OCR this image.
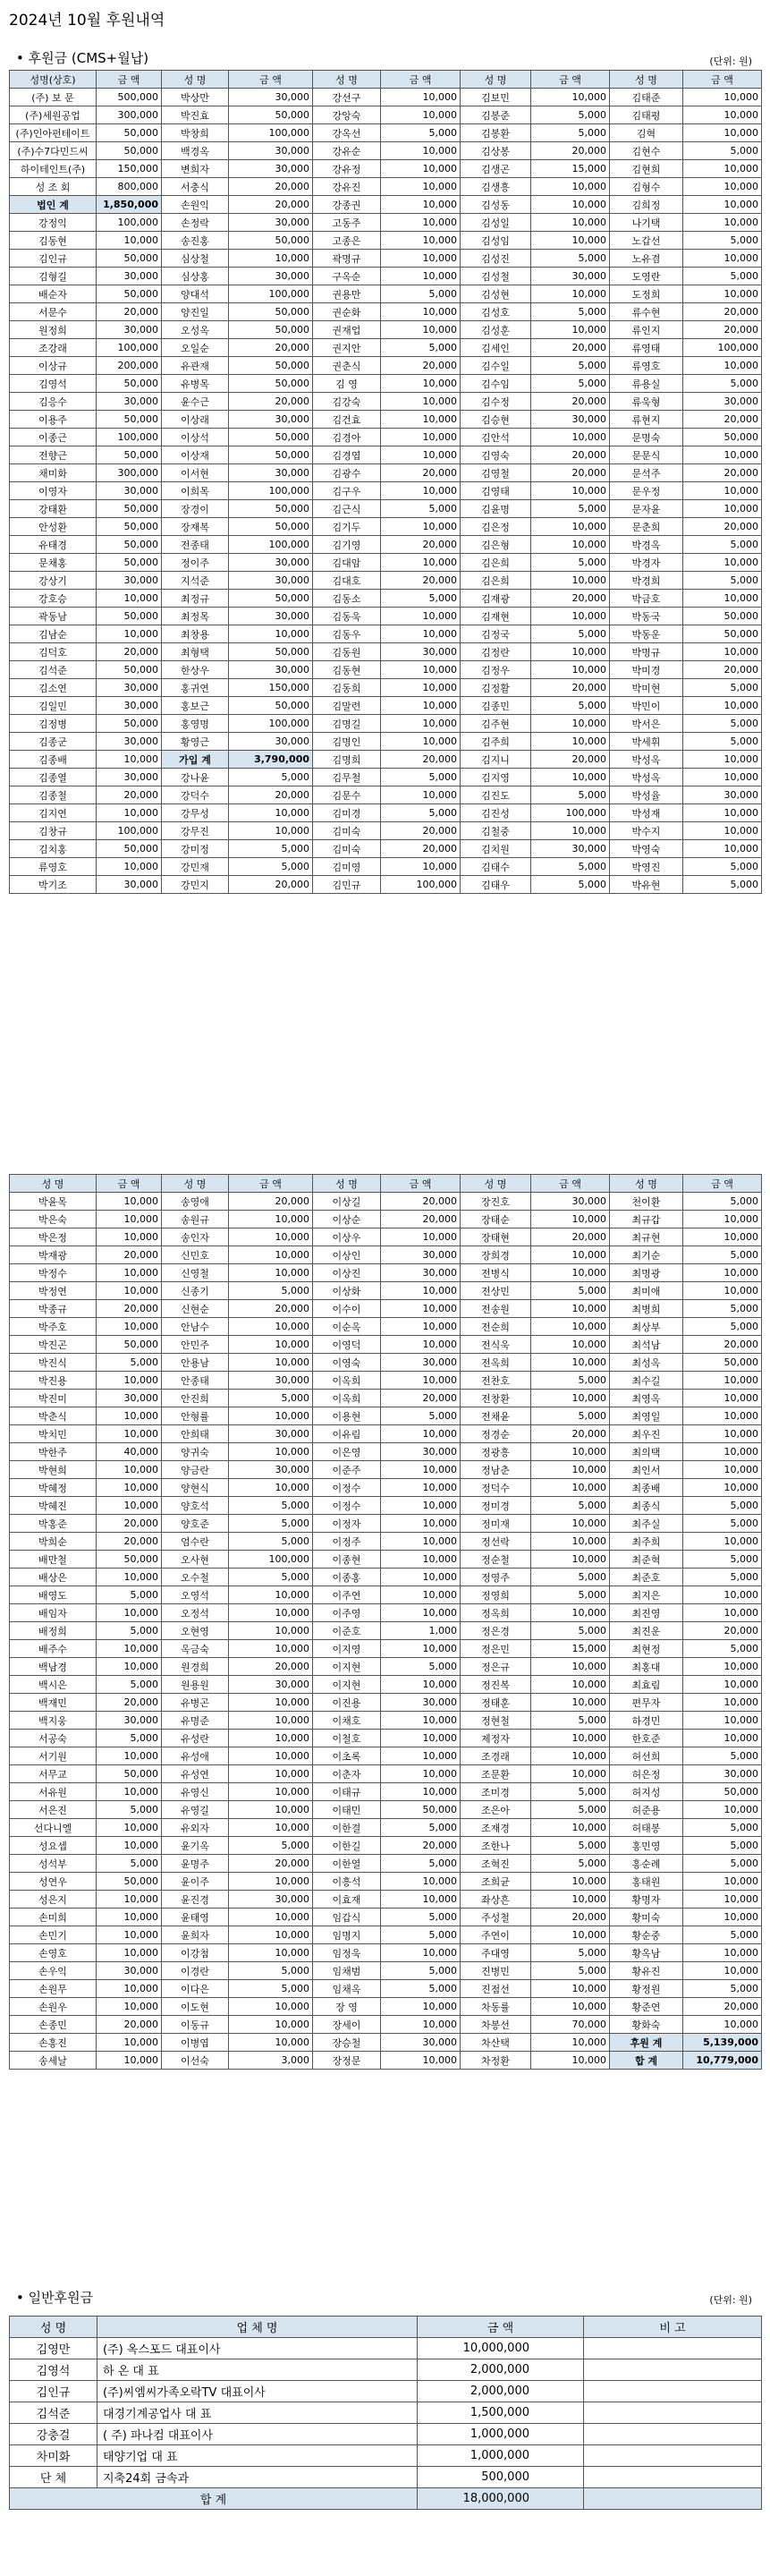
2024년 10월 후원내역
• 후원금 (CMS+월납)	(단위: 원)
성명(상호)	금 액	성 명	금 액	성 명	금 액	성 명	금 액	성 명	금 액
(주) 보 문	500,000	박상만	30,000	강선구	10,000	김보민	10,000	김태준	10,000
(주)세원공업	300,000	박진효	50,000	강앙숙	10,000	김봉준	5,000	김태평	10,000
(주)인아펀테이트	50,000	박창희	100,000	강옥선	5,000	김봉환	5,000	김혁	10,000
(주)수7다민드씨	50,000	백경옥	30,000	강유순	10,000	김상봉	20,000	김현수	5,000
하이테인트(주)	150,000	변희자	30,000	강유정	10,000	김생곤	15,000	김현희	10,000
성 조 회	800,000	서충식	20,000	강유진	10,000	김생흥	10,000	김형수	10,000
법인 계	1,850,000	손원익	20,000	강종권	10,000	김성동	10,000	김희정	10,000
강정익	100,000	손정락	30,000	고동주	10,000	김성일	10,000	나기택	10,000
김동현	10,000	송진홍	50,000	고종은	10,000	김성임	10,000	노갑선	5,000
김인규	50,000	심상철	10,000	곽명규	10,000	김성진	5,000	노유겸	10,000
김형길	30,000	심상홍	30,000	구옥순	10,000	김성철	30,000	도영란	5,000
배순자	50,000	양대석	100,000	권용만	5,000	김성현	10,000	도정희	10,000
서문수	20,000	양진일	50,000	권순화	10,000	김성호	5,000	류수현	20,000
원정희	30,000	오성옥	50,000	권재업	10,000	김성훈	10,000	류인지	20,000
조강래	100,000	오일순	20,000	권지안	5,000	김세인	20,000	류영태	100,000
이상규	200,000	유관재	50,000	권춘식	20,000	김수일	5,000	류영호	10,000
김영석	50,000	유병목	50,000	김 영	10,000	김수임	5,000	류용실	5,000
김응수	30,000	윤수근	20,000	김강숙	10,000	김수정	20,000	류욱형	30,000
이용주	50,000	이상래	30,000	김건효	10,000	김승현	30,000	류현지	20,000
이종근	100,000	이상석	50,000	김경아	10,000	김안석	10,000	문명숙	50,000
전향근	50,000	이상재	50,000	김경엽	10,000	김영숙	20,000	문문식	10,000
채미화	300,000	이서현	30,000	김광수	20,000	김영철	20,000	문석주	20,000
이영자	30,000	이희목	100,000	김구우	10,000	김영태	10,000	문우정	10,000
강태환	50,000	장경이	50,000	김근식	5,000	김윤명	5,000	문자윤	10,000
안성환	50,000	장재복	50,000	김기두	10,000	김은정	10,000	문춘희	20,000
유태경	50,000	전종태	100,000	김기영	20,000	김은형	10,000	박경옥	5,000
문채홍	50,000	정이주	30,000	김대암	10,000	김은희	5,000	박경자	10,000
강상기	30,000	지석준	30,000	김대호	20,000	김은희	10,000	박경희	5,000
강호승	10,000	최정규	50,000	김동소	5,000	김재광	20,000	박금호	10,000
곽동남	50,000	최정목	30,000	김동욱	10,000	김재현	10,000	박동국	50,000
김남순	10,000	최창용	10,000	김동우	10,000	김정국	5,000	박동운	50,000
김덕호	20,000	최형택	50,000	김동원	30,000	김정란	10,000	박명규	10,000
김석준	50,000	한상우	30,000	김동현	10,000	김정우	10,000	박미경	20,000
김소연	30,000	홍귀연	150,000	김동희	10,000	김정활	20,000	박미현	5,000
김일민	30,000	홍보근	50,000	김말련	10,000	김종민	5,000	박민이	10,000
김정병	50,000	홍영명	100,000	김명길	10,000	김주현	10,000	박서은	5,000
김종군	30,000	황영근	30,000	김명인	10,000	김주희	10,000	박세휘	5,000
김종배	10,000	가입 계	3,790,000	김명희	20,000	김지니	20,000	박성옥	10,000
김종열	30,000	강나윤	5,000	김무철	5,000	김지영	10,000	박성옥	10,000
김종철	20,000	강덕수	20,000	김문수	10,000	김진도	5,000	박성율	30,000
김지연	10,000	강무성	10,000	김미경	5,000	김진성	100,000	박성재	10,000
김창규	100,000	강무진	10,000	김미숙	20,000	김철중	10,000	박수지	10,000
김치홍	50,000	강미정	5,000	김미숙	20,000	김치원	30,000	박영숙	10,000
류영호	10,000	강민재	5,000	김미영	10,000	김태수	5,000	박영진	5,000
박기조	30,000	강민지	20,000	김민규	100,000	김태우	5,000	박유현	5,000
성 명	금 액	성 명	금 액	성 명	금 액	성 명	금 액	성 명	금 액
박윤목	10,000	송영애	20,000	이상길	20,000	장진호	30,000	천이환	5,000
박은숙	10,000	송원규	10,000	이상순	20,000	장태순	10,000	최규갑	10,000
박은정	10,000	송인자	10,000	이상우	10,000	장태현	20,000	최규현	10,000
박재광	20,000	신민호	10,000	이상인	30,000	장희경	10,000	최기순	5,000
박정수	10,000	신영철	10,000	이상진	30,000	전병식	10,000	최명광	10,000
박정연	10,000	신종기	5,000	이상화	10,000	전상민	5,000	최미애	10,000
박종규	20,000	신현순	20,000	이수이	10,000	전송원	10,000	최병희	5,000
박주호	10,000	안남수	10,000	이순옥	10,000	전순희	10,000	최상부	5,000
박진곤	50,000	안민주	10,000	이영덕	10,000	전식욱	10,000	최석남	20,000
박진식	5,000	안용남	10,000	이영숙	30,000	전옥희	10,000	최성옥	50,000
박진용	10,000	안종태	30,000	이옥희	10,000	전찬호	5,000	최수길	10,000
박진미	30,000	안진희	5,000	이옥희	20,000	전창환	10,000	최영옥	10,000
박춘식	10,000	안형률	10,000	이용현	5,000	전채윤	5,000	최영일	10,000
박치민	10,000	안희태	30,000	이유림	10,000	정경순	20,000	최우진	10,000
박한주	40,000	양귀숙	10,000	이은영	30,000	정광흥	10,000	최의택	10,000
박현희	10,000	양금란	30,000	이준주	10,000	정남춘	10,000	최인서	10,000
박혜정	10,000	양현식	10,000	이정수	10,000	정덕수	10,000	최종배	10,000
박혜진	10,000	양호석	5,000	이정수	10,000	정미경	5,000	최종식	5,000
박홍준	20,000	양호준	5,000	이정자	10,000	정미재	10,000	최주실	5,000
박희순	20,000	엄수란	5,000	이정주	10,000	정선락	10,000	최주희	10,000
배만철	50,000	오사현	100,000	이종현	10,000	정순철	10,000	최준혁	5,000
배상은	10,000	오수철	5,000	이종홍	10,000	정영주	5,000	최준호	5,000
배영도	5,000	오영석	10,000	이주연	10,000	정영희	5,000	최지은	10,000
배임자	10,000	오정석	10,000	이주영	10,000	정옥희	10,000	최진영	10,000
배정희	5,000	오현영	10,000	이준호	1,000	정은경	5,000	최진운	20,000
배주수	10,000	옥금숙	10,000	이지영	10,000	정은민	15,000	최현정	5,000
백남경	10,000	원경희	20,000	이지현	5,000	정은규	10,000	최홍대	10,000
백시은	5,000	원용원	30,000	이지현	10,000	정진복	10,000	최효림	10,000
백재민	20,000	유병곤	10,000	이진용	30,000	정태훈	10,000	편무자	10,000
백지웅	30,000	유명준	10,000	이채호	10,000	정현철	5,000	하경민	10,000
서공숙	5,000	유성란	10,000	이철호	10,000	제정자	10,000	한호준	10,000
서기원	10,000	유성애	10,000	이초록	10,000	조경래	10,000	허선희	5,000
서무교	50,000	유성연	10,000	이춘자	10,000	조문환	10,000	허은정	30,000
서유원	10,000	유영신	10,000	이태규	10,000	조미경	5,000	허지성	50,000
서은진	5,000	유영길	10,000	이태민	50,000	조은아	5,000	허준용	10,000
선다니엘	10,000	유외자	10,000	이한결	5,000	조재경	10,000	허태봉	5,000
성요셉	10,000	윤기옥	5,000	이한길	20,000	조한나	5,000	홍민영	5,000
성석부	5,000	윤명주	20,000	이한열	5,000	조혁진	5,000	홍순례	5,000
성연우	50,000	윤이주	10,000	이흥석	10,000	조희균	10,000	홍태원	10,000
성은지	10,000	윤진경	30,000	이효재	10,000	좌상흔	10,000	황명자	10,000
손미희	10,000	윤태영	10,000	임갑식	5,000	주성철	20,000	황미숙	10,000
손민기	10,000	윤희자	10,000	임명지	5,000	주연이	10,000	황순중	5,000
손영호	10,000	이강첨	10,000	임정욱	10,000	주대영	5,000	황옥남	10,000
손우익	30,000	이경란	5,000	임채범	5,000	진병민	5,000	황유진	10,000
손원무	10,000	이다은	5,000	임채옥	5,000	진점선	10,000	황정원	5,000
손원우	10,000	이도현	10,000	장 영	10,000	차동률	10,000	황준연	20,000
손종민	20,000	이동규	10,000	장세이	10,000	차봉선	70,000	황화숙	10,000
손홍진	10,000	이병엽	10,000	장승철	30,000	차산택	10,000	후원 계	5,139,000
송세날	10,000	이선숙	3,000	장정문	10,000	차정환	10,000	합 계	10,779,000
• 일반후원금	(단위: 원)
성 명	업 체 명	금 액	비 고
김영만	(주) 옥스포드 대표이사	10,000,000	
김영석	하 온 대 표	2,000,000	
김인규	(주)씨엠씨가족오락TV 대표이사	2,000,000	
김석준	대경기계공업사 대 표	1,500,000	
강충걸	( 주) 파나컴 대표이사	1,000,000	
차미화	태양기업 대 표	1,000,000	
단 체	지축24회 금속과	500,000	
합 계		18,000,000	
